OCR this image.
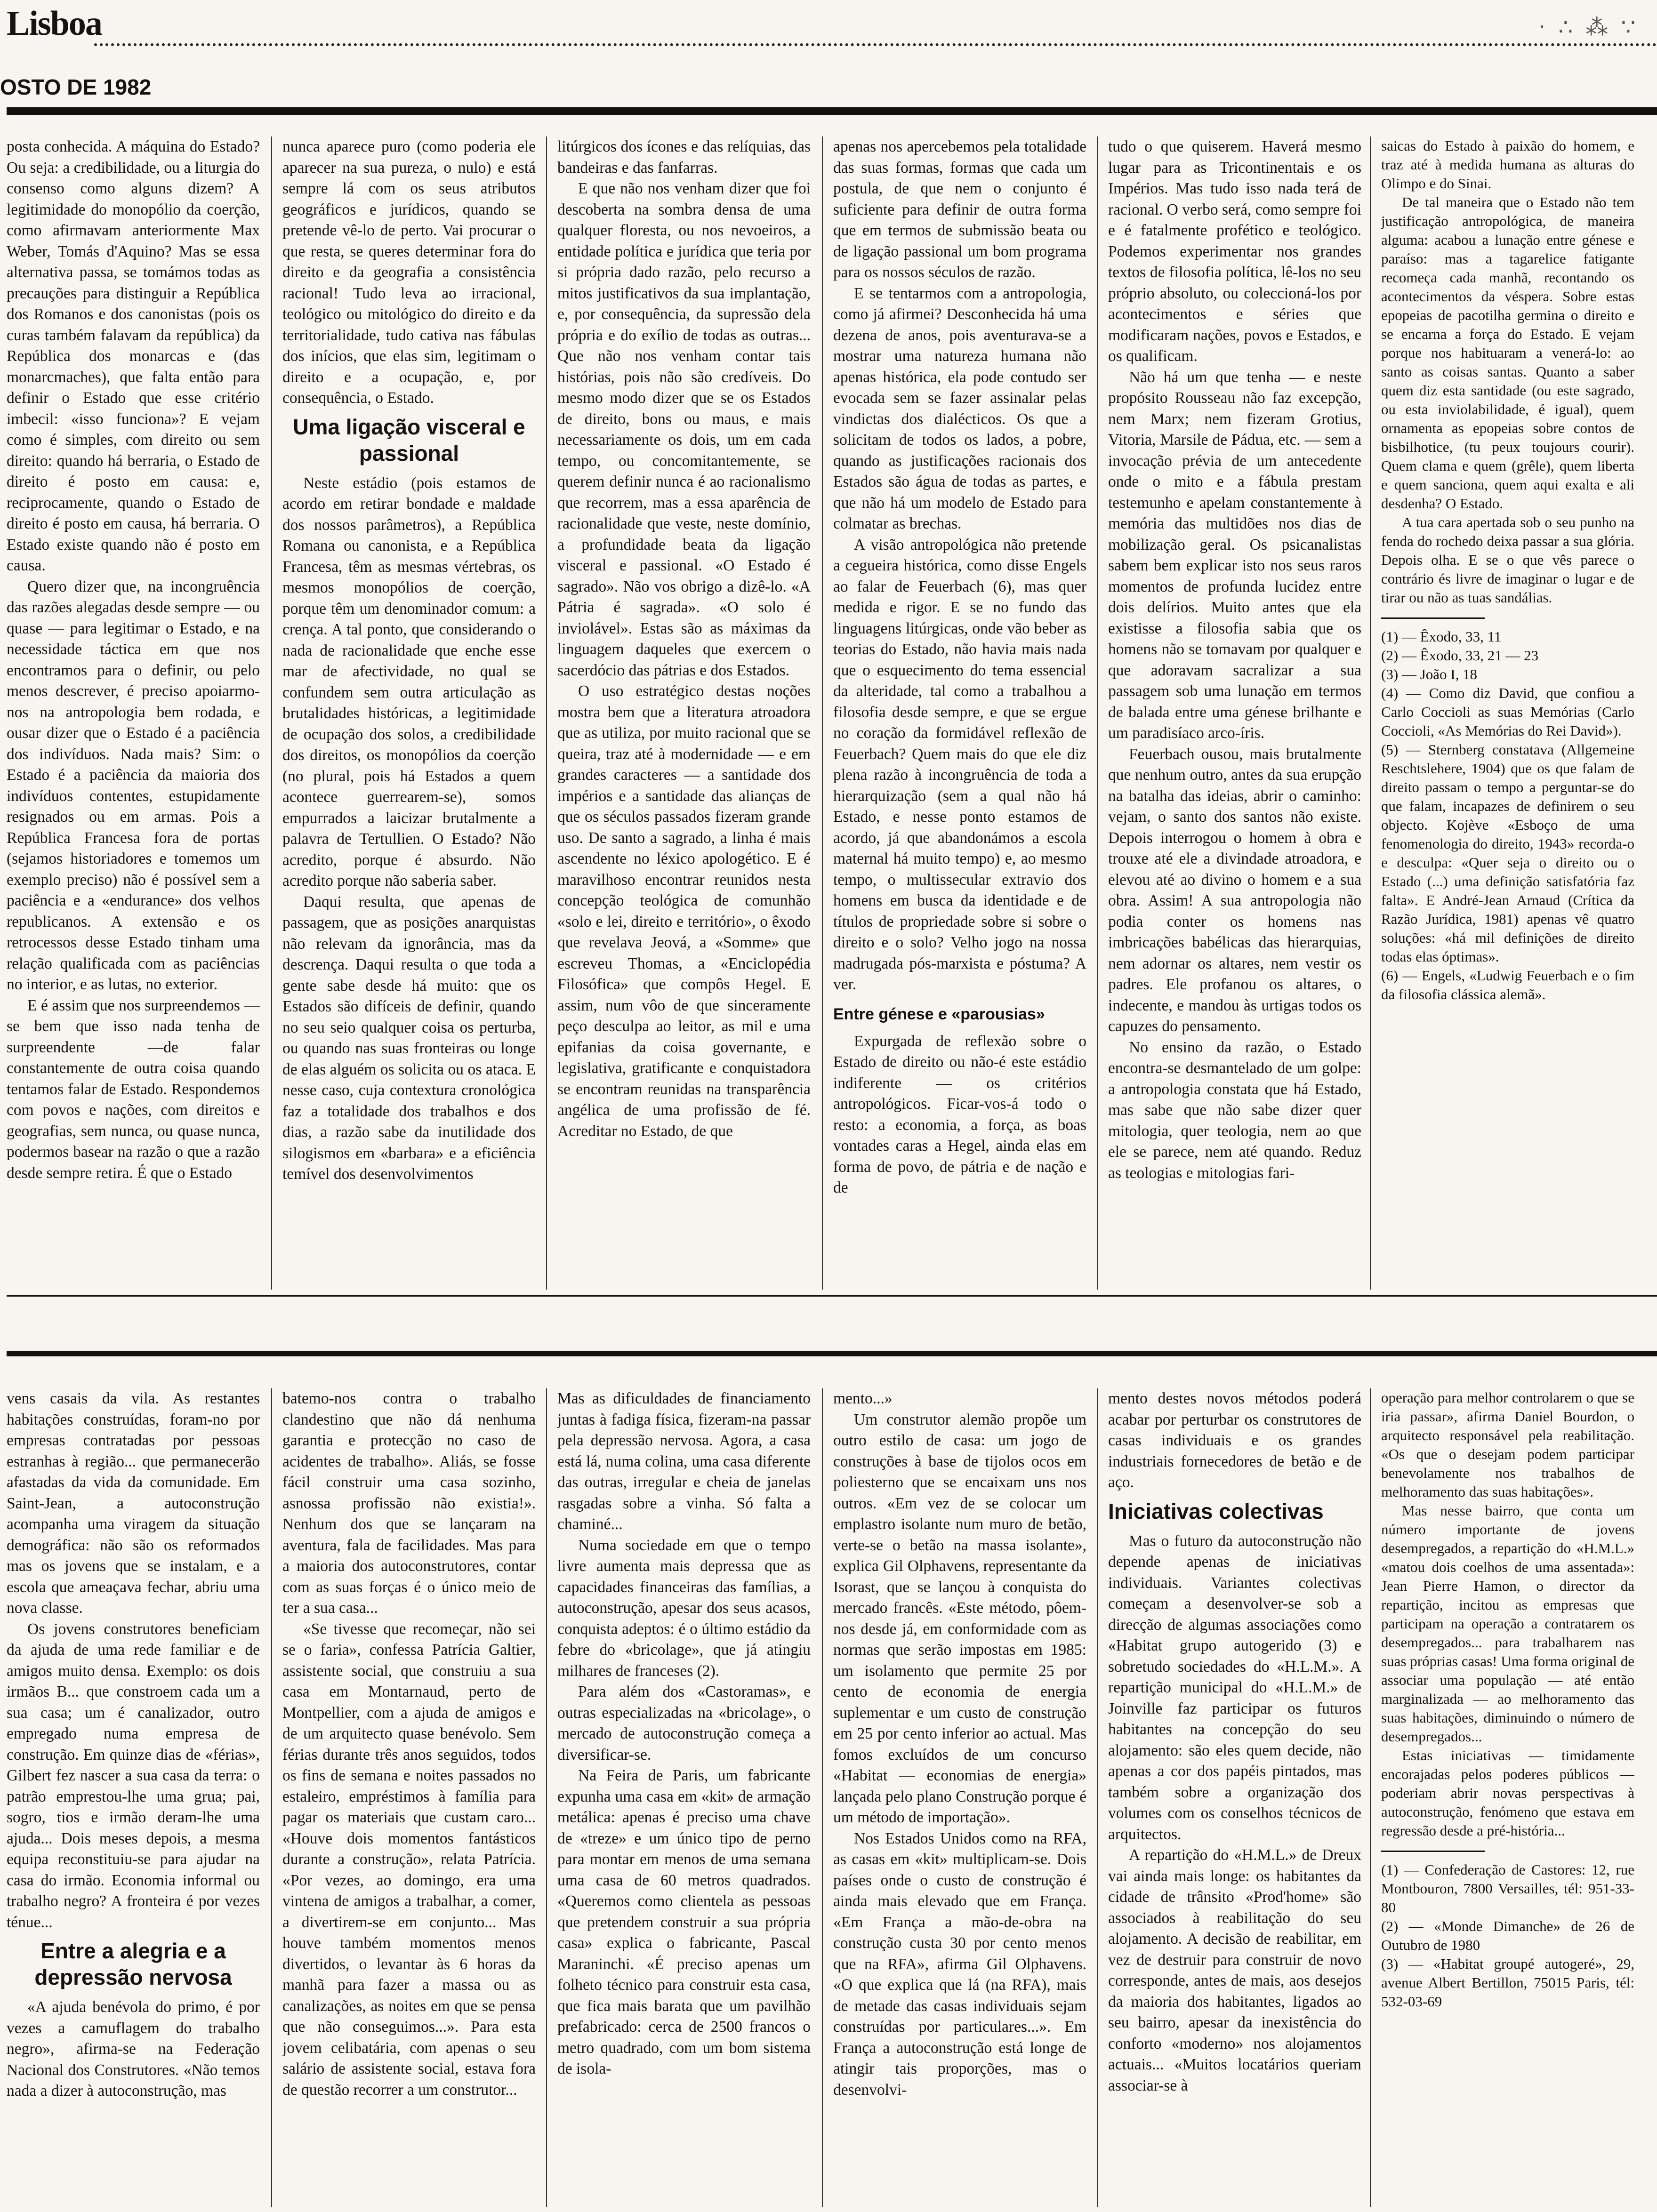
Lisboa	· ∴ ⁂ ∵
OSTO DE 1982

posta conhecida. A máquina do Estado? Ou seja: a credibilidade, ou a liturgia do consenso como alguns dizem? A legitimidade do monopólio da coerção, como afirmavam anteriormente Max Weber, Tomás d'Aquino? Mas se essa alternativa passa, se tomámos todas as precauções para distinguir a República dos Romanos e dos canonistas (pois os curas também falavam da república) da República dos monarcas e (das monarcmaches), que falta então para definir o Estado que esse critério imbecil: «isso funciona»? E vejam como é simples, com direito ou sem direito: quando há berraria, o Estado de direito é posto em causa: e, reciprocamente, quando o Estado de direito é posto em causa, há berraria. O Estado existe quando não é posto em causa.

Quero dizer que, na incongruência das razões alegadas desde sempre — ou quase — para legitimar o Estado, e na necessidade táctica em que nos encontramos para o definir, ou pelo menos descrever, é preciso apoiarmo-nos na antropologia bem rodada, e ousar dizer que o Estado é a paciência dos indivíduos. Nada mais? Sim: o Estado é a paciência da maioria dos indivíduos contentes, estupidamente resignados ou em armas. Pois a República Francesa fora de portas (sejamos historiadores e tomemos um exemplo preciso) não é possível sem a paciência e a «endurance» dos velhos republicanos. A extensão e os retrocessos desse Estado tinham uma relação qualificada com as paciências no interior, e as lutas, no exterior.

E é assim que nos surpreendemos — se bem que isso nada tenha de surpreendente —de falar constantemente de outra coisa quando tentamos falar de Estado. Respondemos com povos e nações, com direitos e geografias, sem nunca, ou quase nunca, podermos basear na razão o que a razão desde sempre retira. É que o Estado

nunca aparece puro (como poderia ele aparecer na sua pureza, o nulo) e está sempre lá com os seus atributos geográficos e jurídicos, quando se pretende vê-lo de perto. Vai procurar o que resta, se queres determinar fora do direito e da geografia a consistência racional! Tudo leva ao irracional, teológico ou mitológico do direito e da territorialidade, tudo cativa nas fábulas dos inícios, que elas sim, legitimam o direito e a ocupação, e, por consequência, o Estado.

Uma ligação visceral e passional

Neste estádio (pois estamos de acordo em retirar bondade e maldade dos nossos parâmetros), a República Romana ou canonista, e a República Francesa, têm as mesmas vértebras, os mesmos monopólios de coerção, porque têm um denominador comum: a crença. A tal ponto, que considerando o nada de racionalidade que enche esse mar de afectividade, no qual se confundem sem outra articulação as brutalidades históricas, a legitimidade de ocupação dos solos, a credibilidade dos direitos, os monopólios da coerção (no plural, pois há Estados a quem acontece guerrearem-se), somos empurrados a laicizar brutalmente a palavra de Tertullien. O Estado? Não acredito, porque é absurdo. Não acredito porque não saberia saber.

Daqui resulta, que apenas de passagem, que as posições anarquistas não relevam da ignorância, mas da descrença. Daqui resulta o que toda a gente sabe desde há muito: que os Estados são difíceis de definir, quando no seu seio qualquer coisa os perturba, ou quando nas suas fronteiras ou longe de elas alguém os solicita ou os ataca. E nesse caso, cuja contextura cronológica faz a totalidade dos trabalhos e dos dias, a razão sabe da inutilidade dos silogismos em «barbara» e a eficiência temível dos desenvolvimentos

litúrgicos dos ícones e das relíquias, das bandeiras e das fanfarras.

E que não nos venham dizer que foi descoberta na sombra densa de uma qualquer floresta, ou nos nevoeiros, a entidade política e jurídica que teria por si própria dado razão, pelo recurso a mitos justificativos da sua implantação, e, por consequência, da supressão dela própria e do exílio de todas as outras... Que não nos venham contar tais histórias, pois não são credíveis. Do mesmo modo dizer que se os Estados de direito, bons ou maus, e mais necessariamente os dois, um em cada tempo, ou concomitantemente, se querem definir nunca é ao racionalismo que recorrem, mas a essa aparência de racionalidade que veste, neste domínio, a profundidade beata da ligação visceral e passional. «O Estado é sagrado». Não vos obrigo a dizê-lo. «A Pátria é sagrada». «O solo é inviolável». Estas são as máximas da linguagem daqueles que exercem o sacerdócio das pátrias e dos Estados.

O uso estratégico destas noções mostra bem que a literatura atroadora que as utiliza, por muito racional que se queira, traz até à modernidade — e em grandes caracteres — a santidade dos impérios e a santidade das alianças de que os séculos passados fizeram grande uso. De santo a sagrado, a linha é mais ascendente no léxico apologético. E é maravilhoso encontrar reunidos nesta concepção teológica de comunhão «solo e lei, direito e território», o êxodo que revelava Jeová, a «Somme» que escreveu Thomas, a «Enciclopédia Filosófica» que compôs Hegel. E assim, num vôo de que sinceramente peço desculpa ao leitor, as mil e uma epifanias da coisa governante, e legislativa, gratificante e conquistadora se encontram reunidas na transparência angélica de uma profissão de fé. Acreditar no Estado, de que

apenas nos apercebemos pela totalidade das suas formas, formas que cada um postula, de que nem o conjunto é suficiente para definir de outra forma que em termos de submissão beata ou de ligação passional um bom programa para os nossos séculos de razão.

E se tentarmos com a antropologia, como já afirmei? Desconhecida há uma dezena de anos, pois aventurava-se a mostrar uma natureza humana não apenas histórica, ela pode contudo ser evocada sem se fazer assinalar pelas vindictas dos dialécticos. Os que a solicitam de todos os lados, a pobre, quando as justificações racionais dos Estados são água de todas as partes, e que não há um modelo de Estado para colmatar as brechas.

A visão antropológica não pretende a cegueira histórica, como disse Engels ao falar de Feuerbach (6), mas quer medida e rigor. E se no fundo das linguagens litúrgicas, onde vão beber as teorias do Estado, não havia mais nada que o esquecimento do tema essencial da alteridade, tal como a trabalhou a filosofia desde sempre, e que se ergue no coração da formidável reflexão de Feuerbach? Quem mais do que ele diz plena razão à incongruência de toda a hierarquização (sem a qual não há Estado, e nesse ponto estamos de acordo, já que abandonámos a escola maternal há muito tempo) e, ao mesmo tempo, o multissecular extravio dos homens em busca da identidade e de títulos de propriedade sobre si sobre o direito e o solo? Velho jogo na nossa madrugada pós-marxista e póstuma? A ver.

Entre génese e «parousias»

Expurgada de reflexão sobre o Estado de direito ou não-é este estádio indiferente — os critérios antropológicos. Ficar-vos-á todo o resto: a economia, a força, as boas vontades caras a Hegel, ainda elas em forma de povo, de pátria e de nação e de

tudo o que quiserem. Haverá mesmo lugar para as Tricontinentais e os Impérios. Mas tudo isso nada terá de racional. O verbo será, como sempre foi e é fatalmente profético e teológico. Podemos experimentar nos grandes textos de filosofia política, lê-los no seu próprio absoluto, ou coleccioná-los por acontecimentos e séries que modificaram nações, povos e Estados, e os qualificam.

Não há um que tenha — e neste propósito Rousseau não faz excepção, nem Marx; nem fizeram Grotius, Vitoria, Marsile de Pádua, etc. — sem a invocação prévia de um antecedente onde o mito e a fábula prestam testemunho e apelam constantemente à memória das multidões nos dias de mobilização geral. Os psicanalistas sabem bem explicar isto nos seus raros momentos de profunda lucidez entre dois delírios. Muito antes que ela existisse a filosofia sabia que os homens não se tomavam por qualquer e que adoravam sacralizar a sua passagem sob uma lunação em termos de balada entre uma génese brilhante e um paradisíaco arco-íris.

Feuerbach ousou, mais brutalmente que nenhum outro, antes da sua erupção na batalha das ideias, abrir o caminho: vejam, o santo dos santos não existe. Depois interrogou o homem à obra e trouxe até ele a divindade atroadora, e elevou até ao divino o homem e a sua obra. Assim! A sua antropologia não podia conter os homens nas imbricações babélicas das hierarquias, nem adornar os altares, nem vestir os padres. Ele profanou os altares, o indecente, e mandou às urtigas todos os capuzes do pensamento.

No ensino da razão, o Estado encontra-se desmantelado de um golpe: a antropologia constata que há Estado, mas sabe que não sabe dizer quer mitologia, quer teologia, nem ao que ele se parece, nem até quando. Reduz as teologias e mitologias fari-

saicas do Estado à paixão do homem, e traz até à medida humana as alturas do Olimpo e do Sinai.

De tal maneira que o Estado não tem justificação antropológica, de maneira alguma: acabou a lunação entre génese e paraíso: mas a tagarelice fatigante recomeça cada manhã, recontando os acontecimentos da véspera. Sobre estas epopeias de pacotilha germina o direito e se encarna a força do Estado. E vejam porque nos habituaram a venerá-lo: ao santo as coisas santas. Quanto a saber quem diz esta santidade (ou este sagrado, ou esta inviolabilidade, é igual), quem ornamenta as epopeias sobre contos de bisbilhotice, (tu peux toujours courir). Quem clama e quem (grêle), quem liberta e quem sanciona, quem aqui exalta e ali desdenha? O Estado.

A tua cara apertada sob o seu punho na fenda do rochedo deixa passar a sua glória. Depois olha. E se o que vês parece o contrário és livre de imaginar o lugar e de tirar ou não as tuas sandálias.

(1) — Êxodo, 33, 11

(2) — Êxodo, 33, 21 — 23

(3) — João I, 18

(4) — Como diz David, que confiou a Carlo Coccioli as suas Memórias (Carlo Coccioli, «As Memórias do Rei David»).

(5) — Sternberg constatava (Allgemeine Reschtslehere, 1904) que os que falam de direito passam o tempo a perguntar-se do que falam, incapazes de definirem o seu objecto. Kojève «Esboço de uma fenomenologia do direito, 1943» recorda-o e desculpa: «Quer seja o direito ou o Estado (...) uma definição satisfatória faz falta». E André-Jean Arnaud (Crítica da Razão Jurídica, 1981) apenas vê quatro soluções: «há mil definições de direito todas elas óptimas».

(6) — Engels, «Ludwig Feuerbach e o fim da filosofia clássica alemã».

vens casais da vila. As restantes habitações construídas, foram-no por empresas contratadas por pessoas estranhas à região... que permanecerão afastadas da vida da comunidade. Em Saint-Jean, a autoconstrução acompanha uma viragem da situação demográfica: não são os reformados mas os jovens que se instalam, e a escola que ameaçava fechar, abriu uma nova classe.

Os jovens construtores beneficiam da ajuda de uma rede familiar e de amigos muito densa. Exemplo: os dois irmãos B... que constroem cada um a sua casa; um é canalizador, outro empregado numa empresa de construção. Em quinze dias de «férias», Gilbert fez nascer a sua casa da terra: o patrão emprestou-lhe uma grua; pai, sogro, tios e irmão deram-lhe uma ajuda... Dois meses depois, a mesma equipa reconstituiu-se para ajudar na casa do irmão. Economia informal ou trabalho negro? A fronteira é por vezes ténue...

Entre a alegria e a depressão nervosa

«A ajuda benévola do primo, é por vezes a camuflagem do trabalho negro», afirma-se na Federação Nacional dos Construtores. «Não temos nada a dizer à autoconstrução, mas

batemo-nos contra o trabalho clandestino que não dá nenhuma garantia e protecção no caso de acidentes de trabalho». Aliás, se fosse fácil construir uma casa sozinho, asnossa profissão não existia!». Nenhum dos que se lançaram na aventura, fala de facilidades. Mas para a maioria dos autoconstrutores, contar com as suas forças é o único meio de ter a sua casa...

«Se tivesse que recomeçar, não sei se o faria», confessa Patrícia Galtier, assistente social, que construiu a sua casa em Montarnaud, perto de Montpellier, com a ajuda de amigos e de um arquitecto quase benévolo. Sem férias durante três anos seguidos, todos os fins de semana e noites passados no estaleiro, empréstimos à família para pagar os materiais que custam caro... «Houve dois momentos fantásticos durante a construção», relata Patrícia. «Por vezes, ao domingo, era uma vintena de amigos a trabalhar, a comer, a divertirem-se em conjunto... Mas houve também momentos menos divertidos, o levantar às 6 horas da manhã para fazer a massa ou as canalizações, as noites em que se pensa que não conseguimos...». Para esta jovem celibatária, com apenas o seu salário de assistente social, estava fora de questão recorrer a um construtor...

Mas as dificuldades de financiamento juntas à fadiga física, fizeram-na passar pela depressão nervosa. Agora, a casa está lá, numa colina, uma casa diferente das outras, irregular e cheia de janelas rasgadas sobre a vinha. Só falta a chaminé...

Numa sociedade em que o tempo livre aumenta mais depressa que as capacidades financeiras das famílias, a autoconstrução, apesar dos seus acasos, conquista adeptos: é o último estádio da febre do «bricolage», que já atingiu milhares de franceses (2).

Para além dos «Castoramas», e outras especializadas na «bricolage», o mercado de autoconstrução começa a diversificar-se.

Na Feira de Paris, um fabricante expunha uma casa em «kit» de armação metálica: apenas é preciso uma chave de «treze» e um único tipo de perno para montar em menos de uma semana uma casa de 60 metros quadrados. «Queremos como clientela as pessoas que pretendem construir a sua própria casa» explica o fabricante, Pascal Maraninchi. «É preciso apenas um folheto técnico para construir esta casa, que fica mais barata que um pavilhão prefabricado: cerca de 2500 francos o metro quadrado, com um bom sistema de isola-

mento...»

Um construtor alemão propõe um outro estilo de casa: um jogo de construções à base de tijolos ocos em poliesterno que se encaixam uns nos outros. «Em vez de se colocar um emplastro isolante num muro de betão, verte-se o betão na massa isolante», explica Gil Olphavens, representante da Isorast, que se lançou à conquista do mercado francês. «Este método, pôem-nos desde já, em conformidade com as normas que serão impostas em 1985: um isolamento que permite 25 por cento de economia de energia suplementar e um custo de construção em 25 por cento inferior ao actual. Mas fomos excluídos de um concurso «Habitat — economias de energia» lançada pelo plano Construção porque é um método de importação».

Nos Estados Unidos como na RFA, as casas em «kit» multiplicam-se. Dois países onde o custo de construção é ainda mais elevado que em França. «Em França a mão-de-obra na construção custa 30 por cento menos que na RFA», afirma Gil Olphavens. «O que explica que lá (na RFA), mais de metade das casas individuais sejam construídas por particulares...». Em França a autoconstrução está longe de atingir tais proporções, mas o desenvolvi-

mento destes novos métodos poderá acabar por perturbar os construtores de casas individuais e os grandes industriais fornecedores de betão e de aço.

Iniciativas colectivas

Mas o futuro da autoconstrução não depende apenas de iniciativas individuais. Variantes colectivas começam a desenvolver-se sob a direcção de algumas associações como «Habitat grupo autogerido (3) e sobretudo sociedades do «H.L.M.». A repartição municipal do «H.L.M.» de Joinville faz participar os futuros habitantes na concepção do seu alojamento: são eles quem decide, não apenas a cor dos papéis pintados, mas também sobre a organização dos volumes com os conselhos técnicos de arquitectos.

A repartição do «H.M.L.» de Dreux vai ainda mais longe: os habitantes da cidade de trânsito «Prod'home» são associados à reabilitação do seu alojamento. A decisão de reabilitar, em vez de destruir para construir de novo corresponde, antes de mais, aos desejos da maioria dos habitantes, ligados ao seu bairro, apesar da inexistência do conforto «moderno» nos alojamentos actuais... «Muitos locatários queriam associar-se à

operação para melhor controlarem o que se iria passar», afirma Daniel Bourdon, o arquitecto responsável pela reabilitação. «Os que o desejam podem participar benevolamente nos trabalhos de melhoramento das suas habitações».

Mas nesse bairro, que conta um número importante de jovens desempregados, a repartição do «H.M.L.» «matou dois coelhos de uma assentada»: Jean Pierre Hamon, o director da repartição, incitou as empresas que participam na operação a contratarem os desempregados... para trabalharem nas suas próprias casas! Uma forma original de associar uma população — até então marginalizada — ao melhoramento das suas habitações, diminuindo o número de desempregados...

Estas iniciativas — timidamente encorajadas pelos poderes públicos — poderiam abrir novas perspectivas à autoconstrução, fenómeno que estava em regressão desde a pré-história...

(1) — Confederação de Castores: 12, rue Montbouron, 7800 Versailles, tél: 951-33-80

(2) — «Monde Dimanche» de 26 de Outubro de 1980

(3) — «Habitat groupé autogeré», 29, avenue Albert Bertillon, 75015 Paris, tél: 532-03-69
